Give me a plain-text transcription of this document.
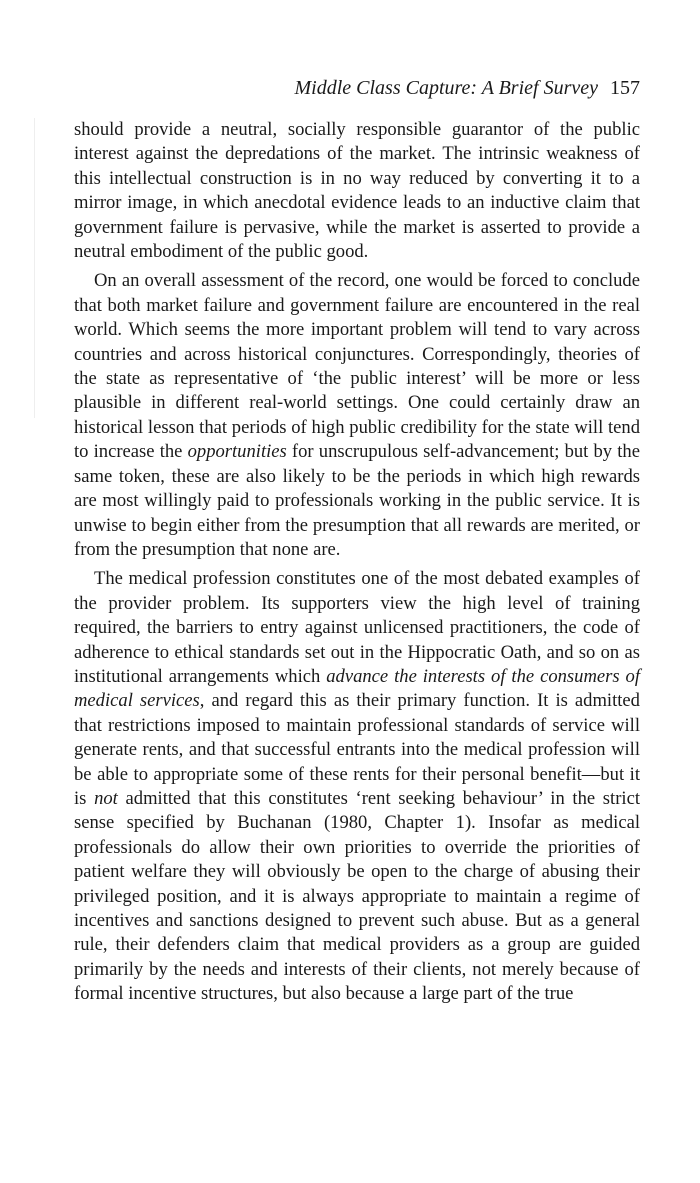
Middle Class Capture: A Brief Survey 157

should provide a neutral, socially responsible guarantor of the public interest against the depredations of the market. The intrinsic weakness of this intellectual construction is in no way reduced by converting it to a mirror image, in which anecdotal evidence leads to an inductive claim that government failure is pervasive, while the market is asserted to provide a neutral embodiment of the public good.

On an overall assessment of the record, one would be forced to conclude that both market failure and government failure are encountered in the real world. Which seems the more important problem will tend to vary across countries and across historical conjunctures. Correspondingly, theories of the state as representative of ‘the public interest’ will be more or less plausible in different real-world settings. One could certainly draw an historical lesson that periods of high public credibility for the state will tend to increase the opportunities for unscrupulous self-advancement; but by the same token, these are also likely to be the periods in which high rewards are most willingly paid to professionals working in the public service. It is unwise to begin either from the presumption that all rewards are merited, or from the presumption that none are.

The medical profession constitutes one of the most debated examples of the provider problem. Its supporters view the high level of training required, the barriers to entry against unlicensed practitioners, the code of adherence to ethical standards set out in the Hippocratic Oath, and so on as institutional arrangements which advance the interests of the consumers of medical services, and regard this as their primary function. It is admitted that restrictions imposed to maintain professional standards of service will generate rents, and that successful entrants into the medical profession will be able to appropriate some of these rents for their personal benefit—but it is not admitted that this constitutes ‘rent seeking behaviour’ in the strict sense specified by Buchanan (1980, Chapter 1). Insofar as medical professionals do allow their own priorities to override the priorities of patient welfare they will obviously be open to the charge of abusing their privileged position, and it is always appropriate to maintain a regime of incentives and sanctions designed to prevent such abuse. But as a general rule, their defenders claim that medical providers as a group are guided primarily by the needs and interests of their clients, not merely because of formal incentive structures, but also because a large part of the true
